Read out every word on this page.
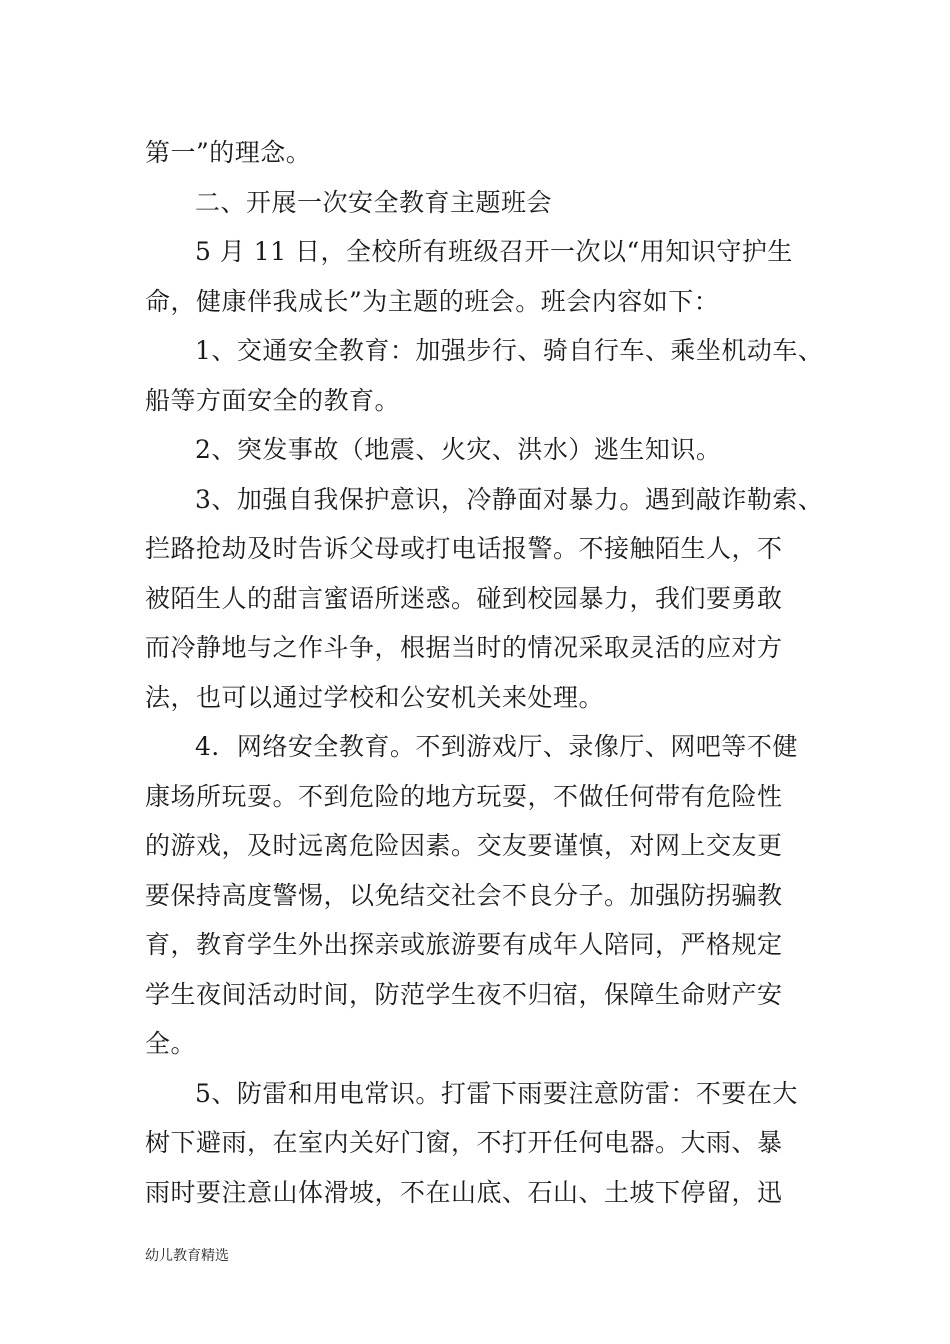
第一”的理念。
二、开展一次安全教育主题班会
5 月 11 日，全校所有班级召开一次以“用知识守护生
命，健康伴我成长”为主题的班会。班会内容如下：
1、交通安全教育：加强步行、骑自行车、乘坐机动车、
船等方面安全的教育。
2、突发事故（地震、火灾、洪水）逃生知识。
3、加强自我保护意识，冷静面对暴力。遇到敲诈勒索、
拦路抢劫及时告诉父母或打电话报警。不接触陌生人，不
被陌生人的甜言蜜语所迷惑。碰到校园暴力，我们要勇敢
而冷静地与之作斗争，根据当时的情况采取灵活的应对方
法，也可以通过学校和公安机关来处理。
4．网络安全教育。不到游戏厅、录像厅、网吧等不健
康场所玩耍。不到危险的地方玩耍，不做任何带有危险性
的游戏，及时远离危险因素。交友要谨慎，对网上交友更
要保持高度警惕，以免结交社会不良分子。加强防拐骗教
育，教育学生外出探亲或旅游要有成年人陪同，严格规定
学生夜间活动时间，防范学生夜不归宿，保障生命财产安
全。
5、防雷和用电常识。打雷下雨要注意防雷：不要在大
树下避雨，在室内关好门窗，不打开任何电器。大雨、暴
雨时要注意山体滑坡，不在山底、石山、土坡下停留，迅
幼儿教育精选
